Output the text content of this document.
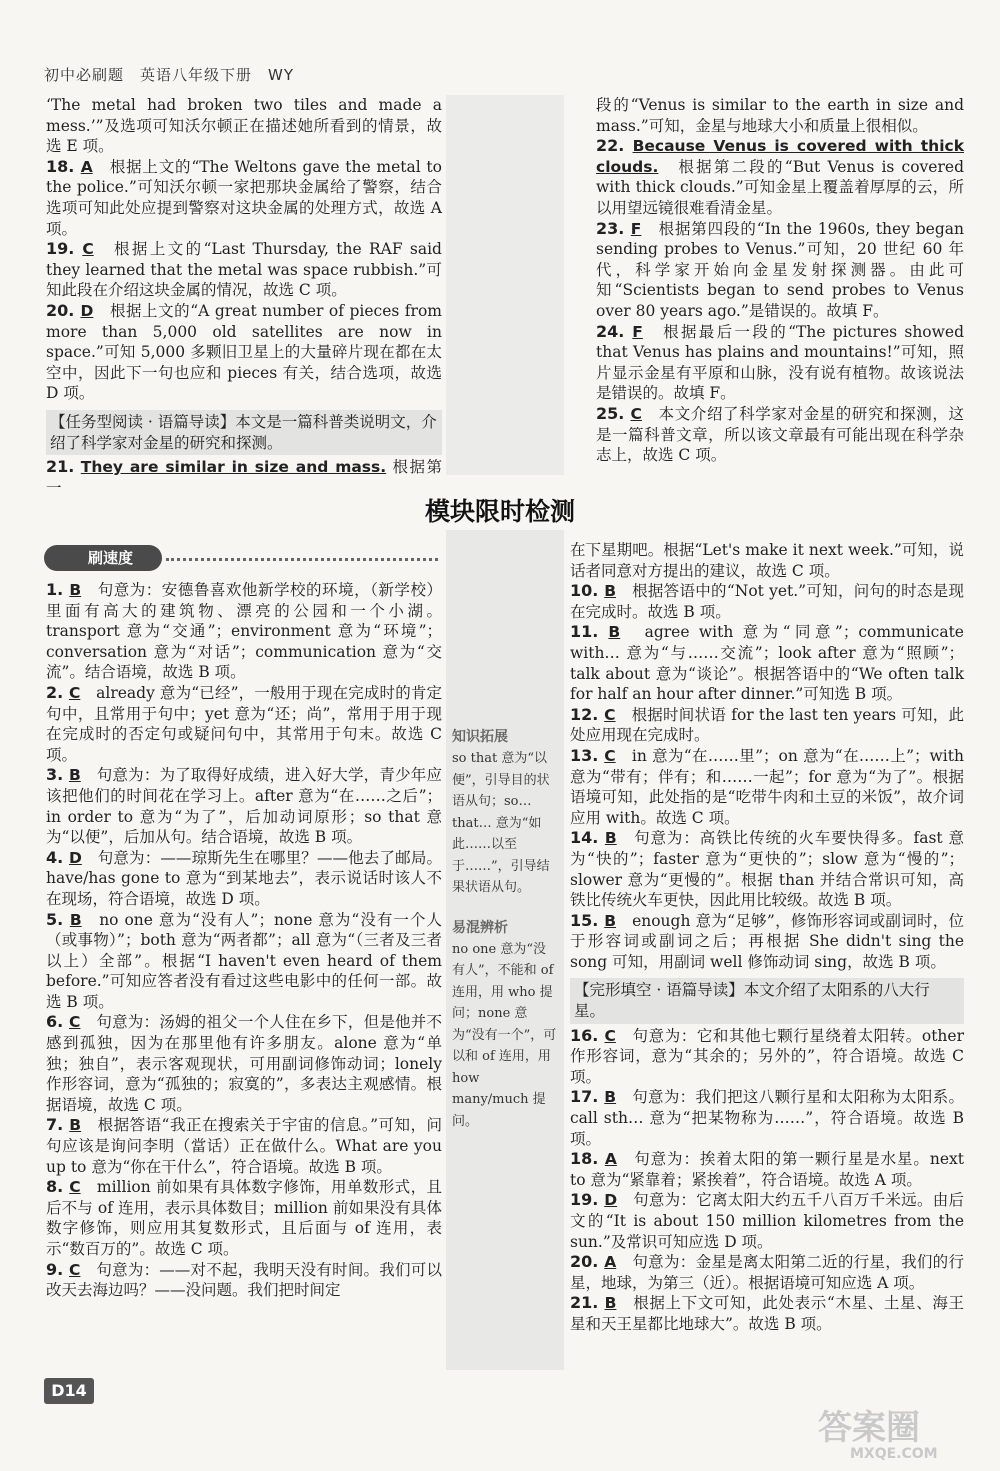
初中必刷题　英语八年级下册　WY
知识拓展
so that 意为“以便”，引导目的状语从句；so…that… 意为“如此……以至于……”，引导结果状语从句。
易混辨析
no one 意为“没有人”，不能和 of 连用，用 who 提问；none 意为“没有一个”，可以和 of 连用，用 how many/much 提问。
‘The metal had broken two tiles and made a mess.’”及选项可知沃尔顿正在描述她所看到的情景，故选 E 项。
18. A　 根据上文的“The Weltons gave the metal to the police.”可知沃尔顿一家把那块金属给了警察，结合选项可知此处应提到警察对这块金属的处理方式，故选 A 项。
19. C　 根据上文的“Last Thursday, the RAF said they learned that the metal was space rubbish.”可知此段在介绍这块金属的情况，故选 C 项。
20. D　 根据上文的“A great number of pieces from more than 5,000 old satellites are now in space.”可知 5,000 多颗旧卫星上的大量碎片现在都在太空中，因此下一句也应和 pieces 有关，结合选项，故选 D 项。
【任务型阅读 · 语篇导读】本文是一篇科普类说明文，介绍了科学家对金星的研究和探测。
21. They are similar in size and mass. 根据第一
段的“Venus is similar to the earth in size and mass.”可知，金星与地球大小和质量上很相似。
22. Because Venus is covered with thick clouds.　 根据第二段的“But Venus is covered with thick clouds.”可知金星上覆盖着厚厚的云，所以用望远镜很难看清金星。
23. F　 根据第四段的“In the 1960s, they began sending probes to Venus.”可知，20 世纪 60 年代，科学家开始向金星发射探测器。由此可知“Scientists began to send probes to Venus over 80 years ago.”是错误的。故填 F。
24. F　 根据最后一段的“The pictures showed that Venus has plains and mountains!”可知，照片显示金星有平原和山脉，没有说有植物。故该说法是错误的。故填 F。
25. C　 本文介绍了科学家对金星的研究和探测，这是一篇科普文章，所以该文章最有可能出现在科学杂志上，故选 C 项。
模块限时检测
刷速度
1. B　 句意为：安德鲁喜欢他新学校的环境，（新学校）里面有高大的建筑物、漂亮的公园和一个小湖。transport 意为“交通”；environment 意为“环境”；conversation 意为“对话”；communication 意为“交流”。结合语境，故选 B 项。
2. C　 already 意为“已经”，一般用于现在完成时的肯定句中，且常用于句中；yet 意为“还；尚”，常用于用于现在完成时的否定句或疑问句中，其常用于句末。故选 C 项。
3. B　 句意为：为了取得好成绩，进入好大学，青少年应该把他们的时间花在学习上。after 意为“在……之后”；in order to 意为“为了”，后加动词原形；so that 意为“以便”，后加从句。结合语境，故选 B 项。
4. D　 句意为：——琼斯先生在哪里？——他去了邮局。have/has gone to 意为“到某地去”，表示说话时该人不在现场，符合语境，故选 D 项。
5. B　 no one 意为“没有人”；none 意为“没有一个人（或事物）”；both 意为“两者都”；all 意为“（三者及三者以上）全部”。根据“I haven't even heard of them before.”可知应答者没有看过这些电影中的任何一部。故选 B 项。
6. C　 句意为：汤姆的祖父一个人住在乡下，但是他并不感到孤独，因为在那里他有许多朋友。alone 意为“单独；独自”，表示客观现状，可用副词修饰动词；lonely 作形容词，意为“孤独的；寂寞的”，多表达主观感情。根据语境，故选 C 项。
7. B　 根据答语“我正在搜索关于宇宙的信息。”可知，问句应该是询问李明（當话）正在做什么。What are you up to 意为“你在干什么”，符合语境。故选 B 项。
8. C　 million 前如果有具体数字修饰，用单数形式，且后不与 of 连用，表示具体数目；million 前如果没有具体数字修饰，则应用其复数形式，且后面与 of 连用，表示“数百万的”。故选 C 项。
9. C　 句意为：——对不起，我明天没有时间。我们可以改天去海边吗？——没问题。我们把时间定
在下星期吧。根据“Let's make it next week.”可知，说话者同意对方提出的建议，故选 C 项。
10. B　 根据答语中的“Not yet.”可知，问句的时态是现在完成时。故选 B 项。
11. B　 agree with 意为“同意”；communicate with… 意为“与……交流”；look after 意为“照顾”；talk about 意为“谈论”。根据答语中的“We often talk for half an hour after dinner.”可知选 B 项。
12. C　 根据时间状语 for the last ten years 可知，此处应用现在完成时。
13. C　 in 意为“在……里”；on 意为“在……上”；with 意为“带有；伴有；和……一起”；for 意为“为了”。根据语境可知，此处指的是“吃带牛肉和土豆的米饭”，故介词应用 with。故选 C 项。
14. B　 句意为：高铁比传统的火车要快得多。fast 意为“快的”；faster 意为“更快的”；slow 意为“慢的”；slower 意为“更慢的”。根据 than 并结合常识可知，高铁比传统火车更快，因此用比较级。故选 B 项。
15. B　 enough 意为“足够”，修饰形容词或副词时，位于形容词或副词之后；再根据 She didn't sing the song 可知，用副词 well 修饰动词 sing，故选 B 项。
【完形填空 · 语篇导读】本文介绍了太阳系的八大行星。
16. C　 句意为：它和其他七颗行星绕着太阳转。other 作形容词，意为“其余的；另外的”，符合语境。故选 C 项。
17. B　 句意为：我们把这八颗行星和太阳称为太阳系。call sth… 意为“把某物称为……”，符合语境。故选 B 项。
18. A　 句意为：挨着太阳的第一颗行星是水星。next to 意为“紧靠着；紧挨着”，符合语境。故选 A 项。
19. D　 句意为：它离太阳大约五千八百万千米远。由后文的“It is about 150 million kilometres from the sun.”及常识可知应选 D 项。
20. A　 句意为：金星是离太阳第二近的行星，我们的行星，地球，为第三（近）。根据语境可知应选 A 项。
21. B　 根据上下文可知，此处表示“木星、土星、海王星和天王星都比地球大”。故选 B 项。
D14
答案圈
MXQE.COM
